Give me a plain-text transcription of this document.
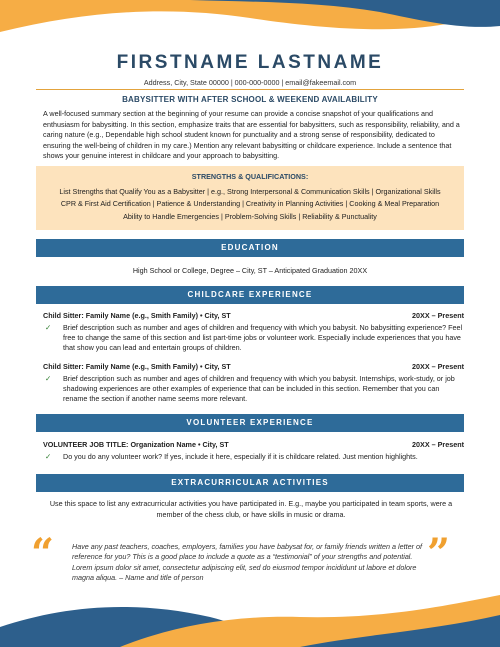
FIRSTNAME LASTNAME
Address, City, State 00000 | 000-000-0000 | email@fakeemail.com
BABYSITTER WITH AFTER SCHOOL & WEEKEND AVAILABILITY
A well-focused summary section at the beginning of your resume can provide a concise snapshot of your qualifications and enthusiasm for babysitting. In this section, emphasize traits that are essential for babysitters, such as responsibility, reliability, and a caring nature (e.g., Dependable high school student known for punctuality and a strong sense of responsibility, dedicated to ensuring the well-being of children in my care.) Mention any relevant babysitting or childcare experience. Include a sentence that shows your genuine interest in childcare and your approach to babysitting.
STRENGTHS & QUALIFICATIONS:
List Strengths that Qualify You as a Babysitter | e.g., Strong Interpersonal & Communication Skills | Organizational Skills
CPR & First Aid Certification | Patience & Understanding | Creativity in Planning Activities | Cooking & Meal Preparation
Ability to Handle Emergencies | Problem-Solving Skills | Reliability & Punctuality
EDUCATION
High School or College, Degree – City, ST – Anticipated Graduation 20XX
CHILDCARE EXPERIENCE
Child Sitter: Family Name (e.g., Smith Family) • City, ST	20XX – Present
✓	Brief description such as number and ages of children and frequency with which you babysit. No babysitting experience? Feel free to change the same of this section and list part-time jobs or volunteer work. Especially include experiences that you have that show you can lead and entertain groups of children.
Child Sitter: Family Name (e.g., Smith Family) • City, ST	20XX – Present
✓	Brief description such as number and ages of children and frequency with which you babysit. Internships, work-study, or job shadowing experiences are other examples of experience that can be included in this section. Remember that you can rename the section if another name seems more relevant.
VOLUNTEER EXPERIENCE
VOLUNTEER JOB TITLE: Organization Name • City, ST	20XX – Present
✓	Do you do any volunteer work? If yes, include it here, especially if it is childcare related. Just mention highlights.
EXTRACURRICULAR ACTIVITIES
Use this space to list any extracurricular activities you have participated in. E.g., maybe you participated in team sports, were a member of the chess club, or have skills in music or drama.
“ Have any past teachers, coaches, employers, families you have babysat for, or family friends written a letter of reference for you? This is a good place to include a quote as a “testimonial” of your strengths and potential. Lorem ipsum dolor sit amet, consectetur adipiscing elit, sed do eiusmod tempor incididunt ut labore et dolore magna aliqua. – Name and title of person
”
